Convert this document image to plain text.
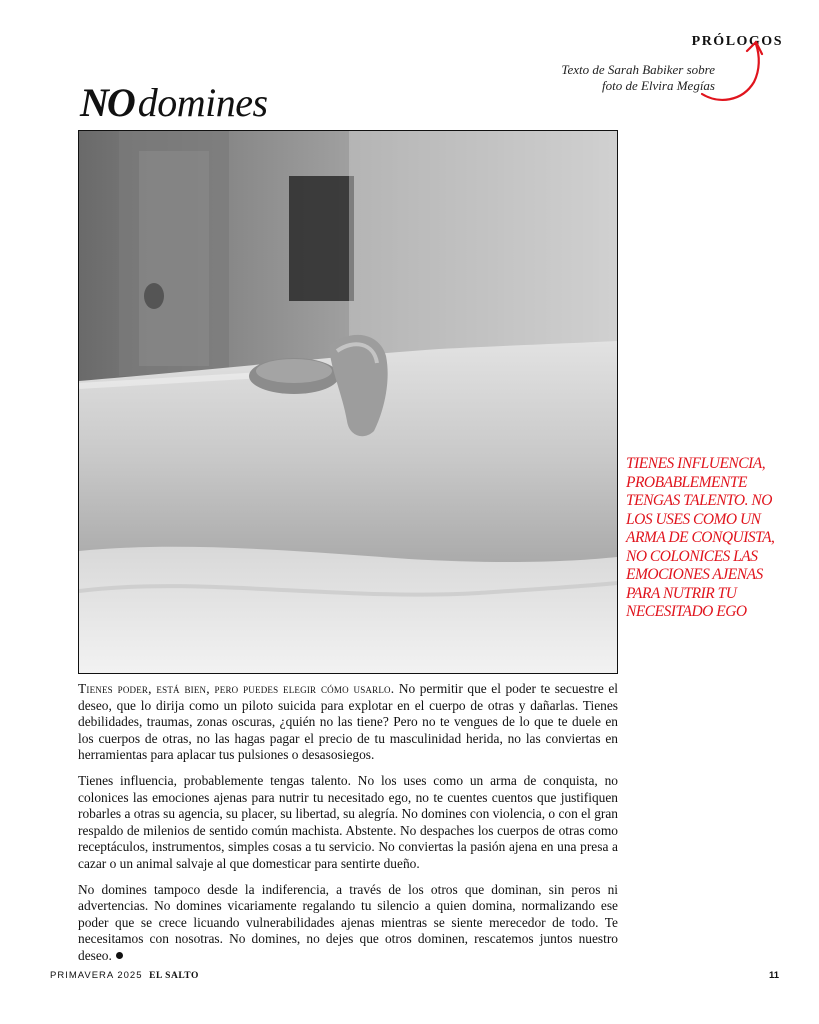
PRÓLOGOS
Texto de Sarah Babiker sobre
foto de Elvira Megías
NO domines
TIENES INFLUENCIA, PROBABLEMENTE TENGAS TALENTO. NO LOS USES COMO UN ARMA DE CONQUISTA, NO COLONICES LAS EMOCIONES AJENAS PARA NUTRIR TU NECESITADO EGO

Tienes poder, está bien, pero puedes elegir cómo usarlo. No permitir que el poder te secuestre el deseo, que lo dirija como un piloto suicida para explotar en el cuerpo de otras y dañarlas. Tienes debilidades, traumas, zonas oscuras, ¿quién no las tiene? Pero no te vengues de lo que te duele en los cuerpos de otras, no las hagas pagar el precio de tu masculinidad herida, no las conviertas en herramientas para aplacar tus pulsiones o desasosiegos.

Tienes influencia, probablemente tengas talento. No los uses como un arma de conquista, no colonices las emociones ajenas para nutrir tu necesitado ego, no te cuentes cuentos que justifiquen robarles a otras su agencia, su placer, su libertad, su alegría. No domines con violencia, o con el gran respaldo de milenios de sentido común machista. Abstente. No despaches los cuerpos de otras como receptáculos, instrumentos, simples cosas a tu servicio. No conviertas la pasión ajena en una presa a cazar o un animal salvaje al que domesticar para sentirte dueño.

No domines tampoco desde la indiferencia, a través de los otros que dominan, sin peros ni advertencias. No domines vicariamente regalando tu silencio a quien domina, normalizando ese poder que se crece licuando vulnerabilidades ajenas mientras se siente merecedor de todo. Te necesitamos con nosotras. No domines, no dejes que otros dominen, rescatemos juntos nuestro deseo.

PRIMAVERA 2025 EL SALTO	11
